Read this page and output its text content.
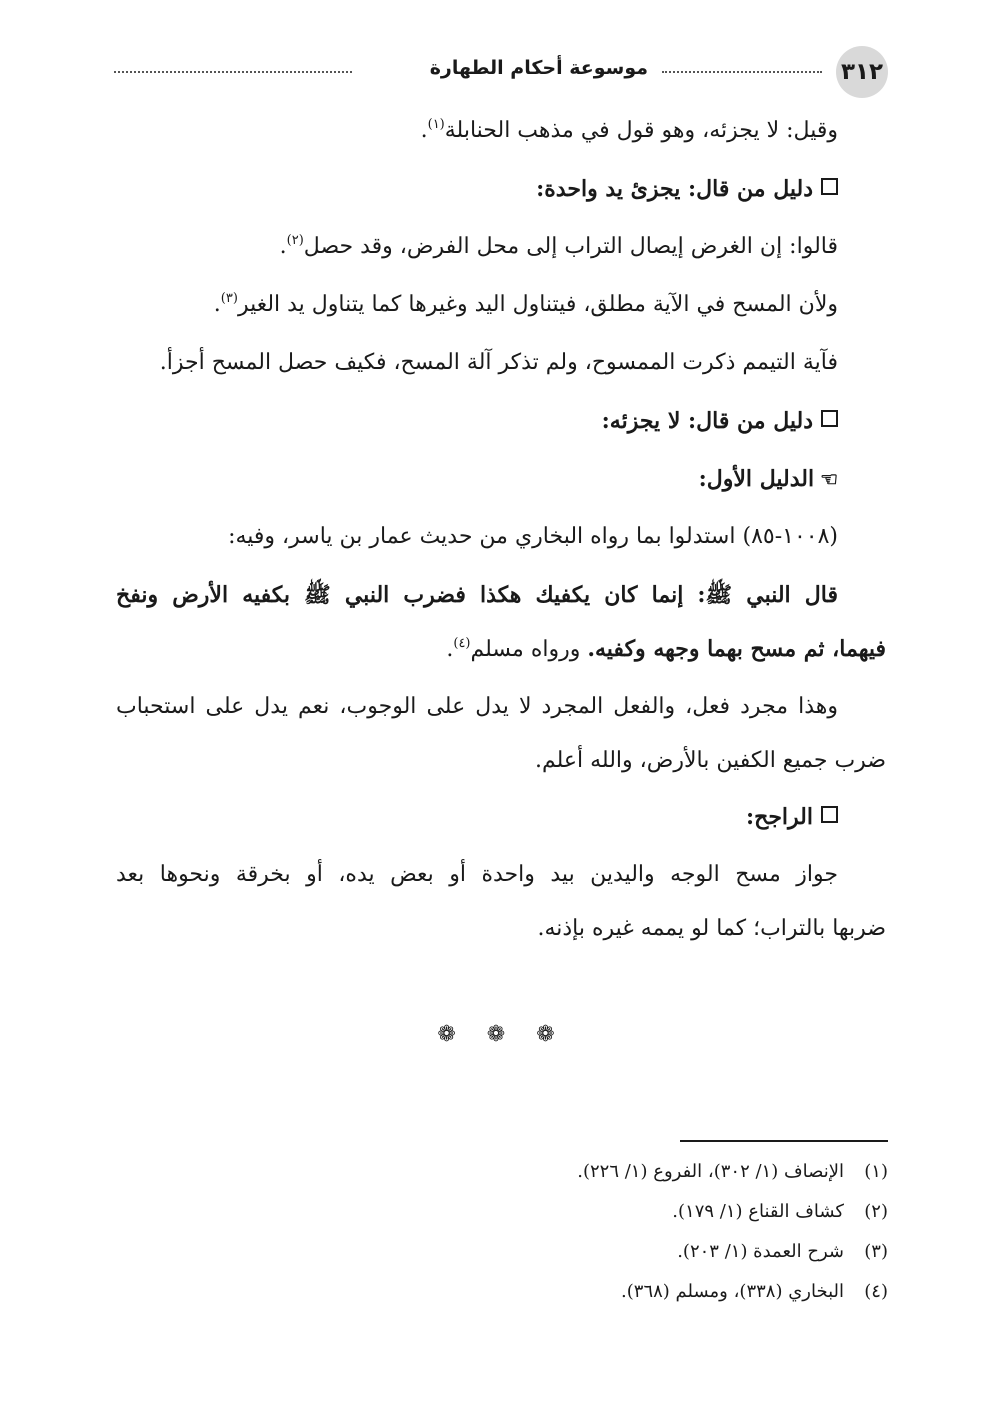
٣١٢
موسوعة أحكام الطهارة
وقيل: لا يجزئه، وهو قول في مذهب الحنابلة$^{(١)}$.
دليل من قال: يجزئ يد واحدة:
قالوا: إن الغرض إيصال التراب إلى محل الفرض، وقد حصل$^{(٢)}$.
ولأن المسح في الآية مطلق، فيتناول اليد وغيرها كما يتناول يد الغير$^{(٣)}$.
فآية التيمم ذكرت الممسوح، ولم تذكر آلة المسح، فكيف حصل المسح أجزأ.
دليل من قال: لا يجزئه:
☜الدليل الأول:
(١٠٠٨-٨٥) استدلوا بما رواه البخاري من حديث عمار بن ياسر، وفيه:
قال النبي ﷺ: إنما كان يكفيك هكذا فضرب النبي ﷺ بكفيه الأرض ونفخ
فيهما، ثم مسح بهما وجهه وكفيه. ورواه مسلم$^{(٤)}$.
وهذا مجرد فعل، والفعل المجرد لا يدل على الوجوب، نعم يدل على استحباب
ضرب جميع الكفين بالأرض، والله أعلم.
الراجح:
جواز مسح الوجه واليدين بيد واحدة أو بعض يده، أو بخرقة ونحوها بعد
ضربها بالتراب؛ كما لو يممه غيره بإذنه.
❁ ❁ ❁
(١)الإنصاف (١/ ٣٠٢)، الفروع (١/ ٢٢٦).
(٢)كشاف القناع (١/ ١٧٩).
(٣)شرح العمدة (١/ ٢٠٣).
(٤)البخاري (٣٣٨)، ومسلم (٣٦٨).
